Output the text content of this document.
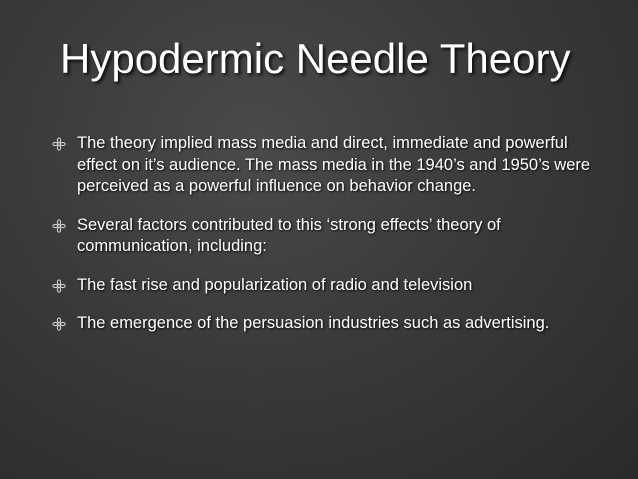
Hypodermic Needle Theory
The theory implied mass media and direct, immediate and powerful effect on it’s audience. The mass media in the 1940’s and 1950’s were perceived as a powerful influence on behavior change.
Several factors contributed to this ‘strong effects’ theory of communication, including:
The fast rise and popularization of radio and television
The emergence of the persuasion industries such as advertising.
